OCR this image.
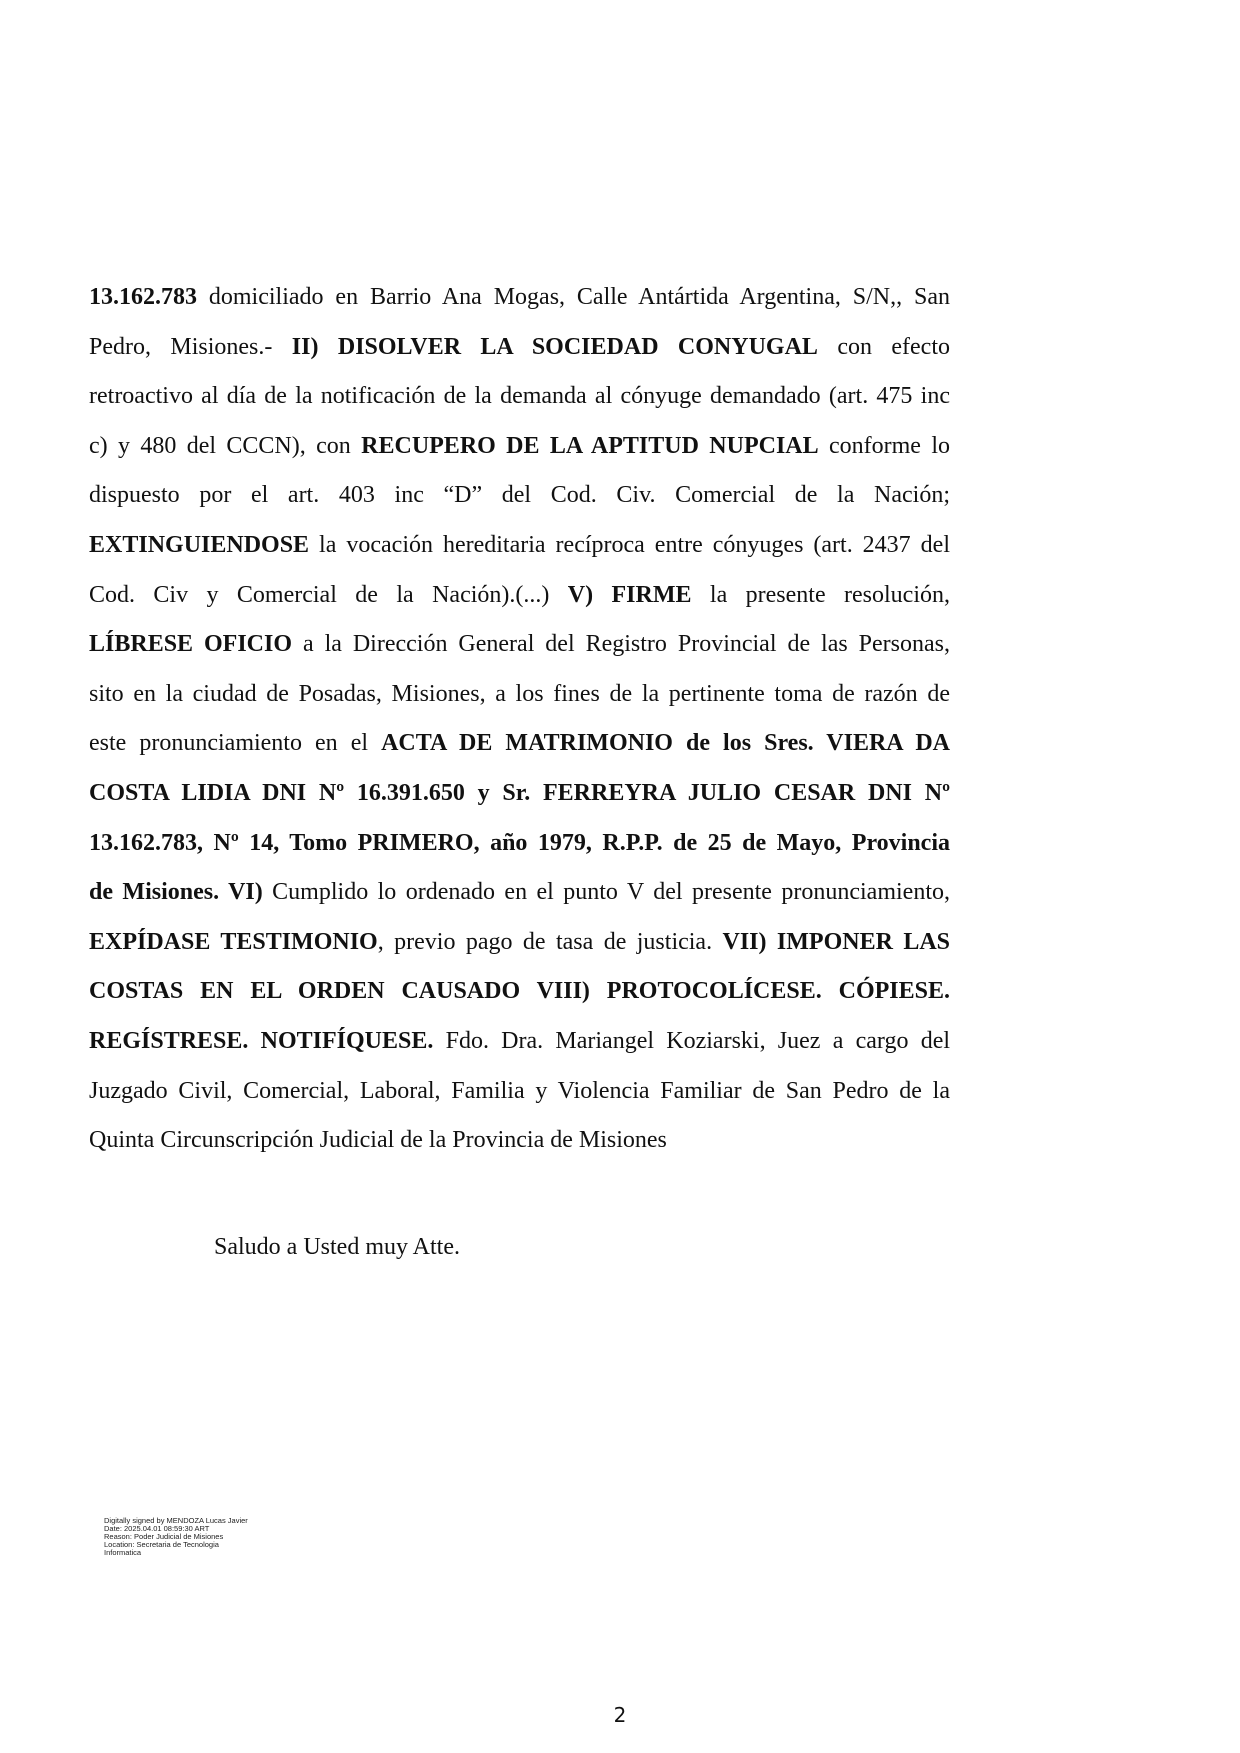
13.162.783 domiciliado en Barrio Ana Mogas, Calle Antártida Argentina, S/N,, San
Pedro, Misiones.- II) DISOLVER LA SOCIEDAD CONYUGAL con efecto
retroactivo al día de la notificación de la demanda al cónyuge demandado (art. 475 inc
c) y 480 del CCCN), con RECUPERO DE LA APTITUD NUPCIAL conforme lo
dispuesto por el art. 403 inc “D” del Cod. Civ. Comercial de la Nación;
EXTINGUIENDOSE la vocación hereditaria recíproca entre cónyuges (art. 2437 del
Cod. Civ y Comercial de la Nación).(...) V) FIRME la presente resolución,
LÍBRESE OFICIO a la Dirección General del Registro Provincial de las Personas,
sito en la ciudad de Posadas, Misiones, a los fines de la pertinente toma de razón de
este pronunciamiento en el ACTA DE MATRIMONIO de los Sres. VIERA DA
COSTA LIDIA DNI Nº 16.391.650 y Sr. FERREYRA JULIO CESAR DNI Nº
13.162.783, Nº 14, Tomo PRIMERO, año 1979, R.P.P. de 25 de Mayo, Provincia
de Misiones. VI) Cumplido lo ordenado en el punto V del presente pronunciamiento,
EXPÍDASE TESTIMONIO, previo pago de tasa de justicia. VII) IMPONER LAS
COSTAS EN EL ORDEN CAUSADO VIII) PROTOCOLÍCESE. CÓPIESE.
REGÍSTRESE. NOTIFÍQUESE. Fdo. Dra. Mariangel Koziarski, Juez a cargo del
Juzgado Civil, Comercial, Laboral, Familia y Violencia Familiar de San Pedro de la
Quinta Circunscripción Judicial de la Provincia de Misiones
Saludo a Usted muy Atte.
Digitally signed by MENDOZA Lucas Javier
Date: 2025.04.01 08:59:30 ART
Reason: Poder Judicial de Misiones
Location: Secretaria de Tecnologia
Informatica
2
